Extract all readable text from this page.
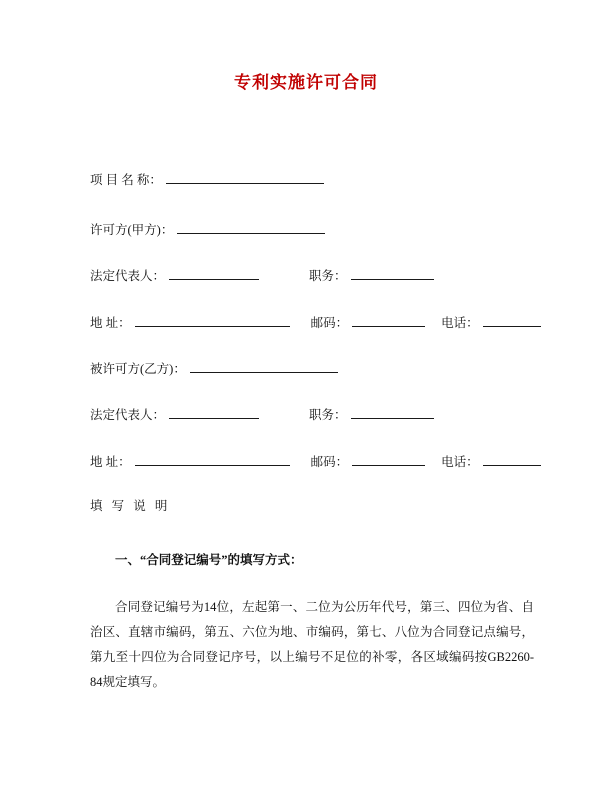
专利实施许可合同
项 目 名 称：
许可方(甲方)：
法定代表人：	职务：
地 址：	邮码：	电话：
被许可方(乙方)：
法定代表人：	职务：
地 址：	邮码：	电话：
填 写 说 明
一、“合同登记编号”的填写方式：
合同登记编号为14位，左起第一、二位为公历年代号，第三、四位为省、自治区、直辖市编码，第五、六位为地、市编码，第七、八位为合同登记点编号，第九至十四位为合同登记序号，以上编号不足位的补零，各区域编码按GB2260-84规定填写。
